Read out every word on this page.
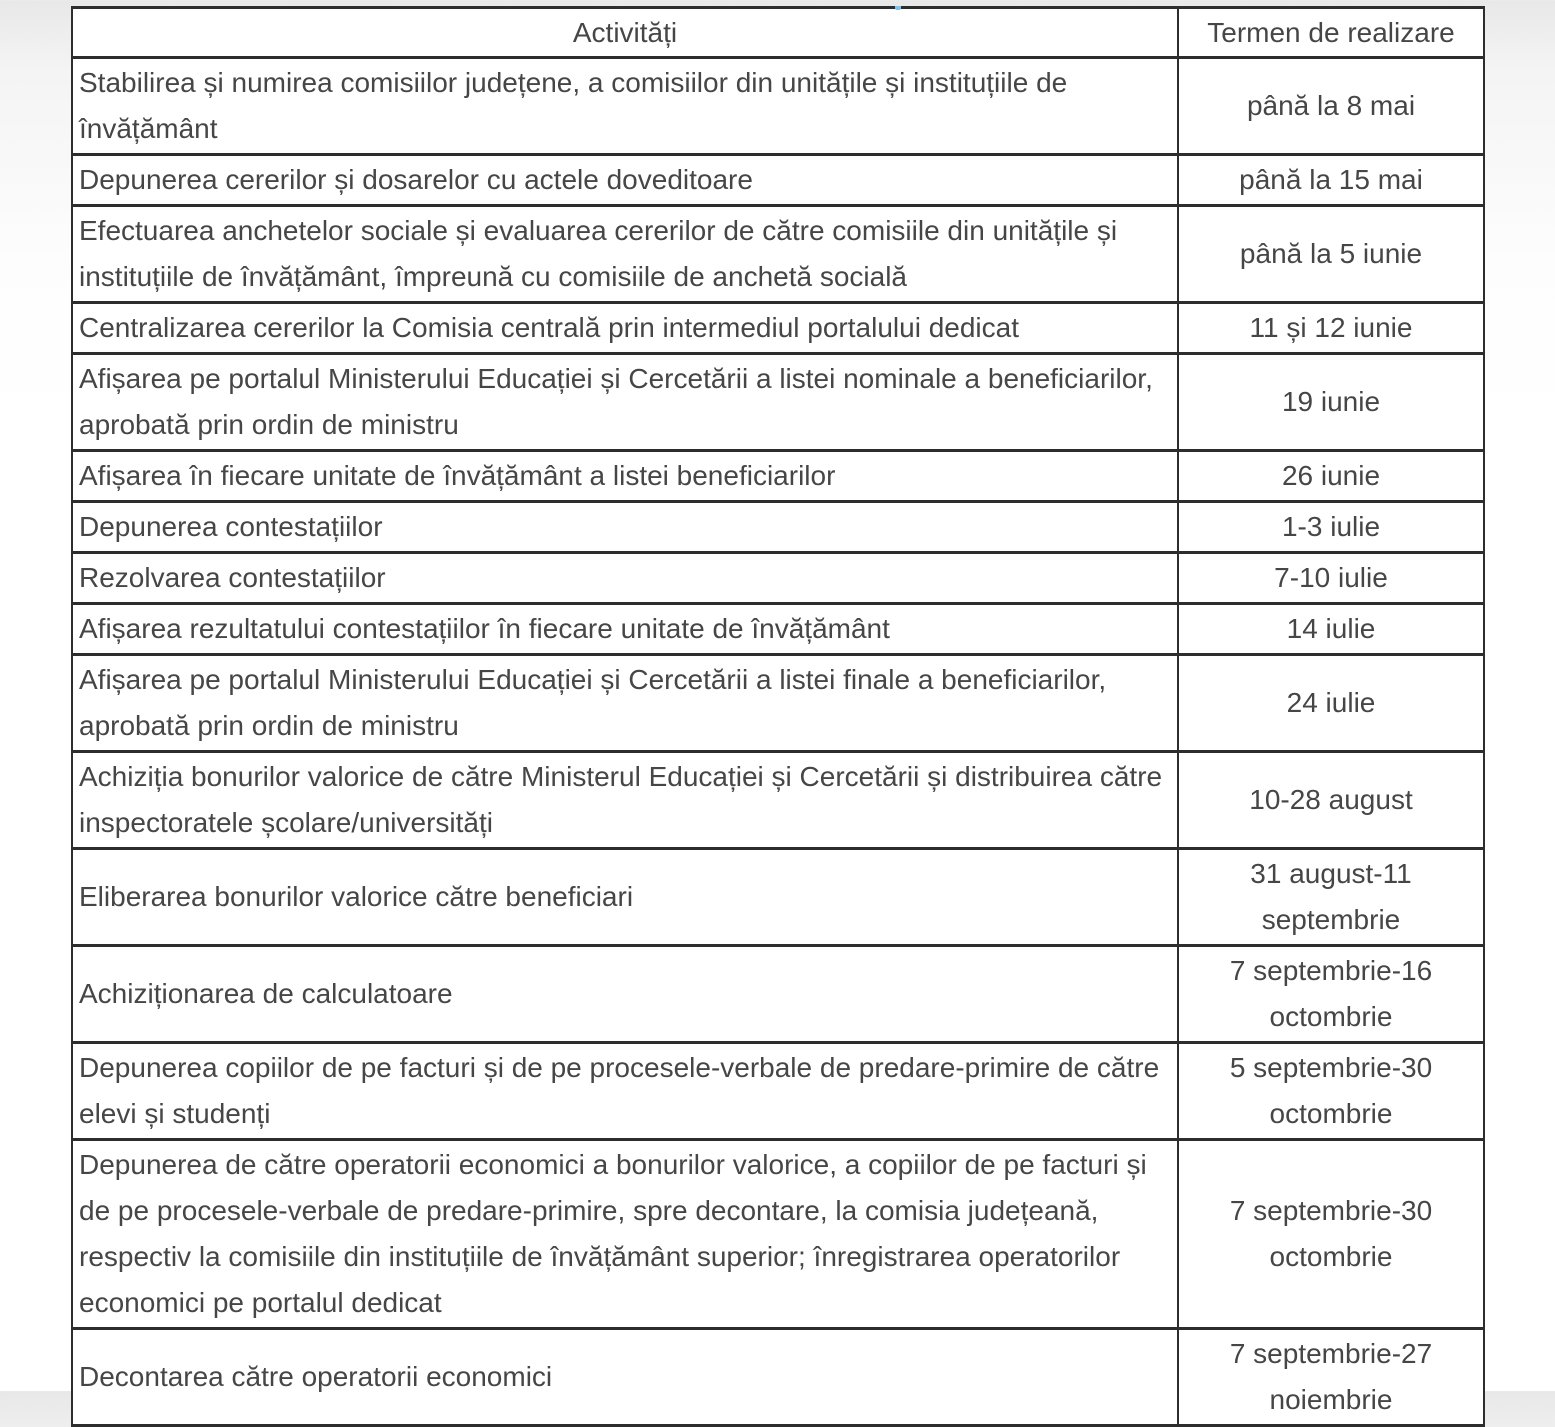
Activități	Termen de realizare
Stabilirea și numirea comisiilor județene, a comisiilor din unitățile și instituțiile de învățământ	până la 8 mai
Depunerea cererilor și dosarelor cu actele doveditoare	până la 15 mai
Efectuarea anchetelor sociale și evaluarea cererilor de către comisiile din unitățile și instituțiile de învățământ, împreună cu comisiile de anchetă socială	până la 5 iunie
Centralizarea cererilor la Comisia centrală prin intermediul portalului dedicat	11 și 12 iunie
Afișarea pe portalul Ministerului Educației și Cercetării a listei nominale a beneficiarilor, aprobată prin ordin de ministru	19 iunie
Afișarea în fiecare unitate de învățământ a listei beneficiarilor	26 iunie
Depunerea contestațiilor	1-3 iulie
Rezolvarea contestațiilor	7-10 iulie
Afișarea rezultatului contestațiilor în fiecare unitate de învățământ	14 iulie
Afișarea pe portalul Ministerului Educației și Cercetării a listei finale a beneficiarilor, aprobată prin ordin de ministru	24 iulie
Achiziția bonurilor valorice de către Ministerul Educației și Cercetării și distribuirea către inspectoratele școlare/universități	10-28 august
Eliberarea bonurilor valorice către beneficiari	31 august-11 septembrie
Achiziționarea de calculatoare	7 septembrie-16 octombrie
Depunerea copiilor de pe facturi și de pe procesele-verbale de predare-primire de către elevi și studenți	5 septembrie-30 octombrie
Depunerea de către operatorii economici a bonurilor valorice, a copiilor de pe facturi și de pe procesele-verbale de predare-primire, spre decontare, la comisia județeană, respectiv la comisiile din instituțiile de învățământ superior; înregistrarea operatorilor economici pe portalul dedicat	7 septembrie-30 octombrie
Decontarea către operatorii economici	7 septembrie-27 noiembrie
